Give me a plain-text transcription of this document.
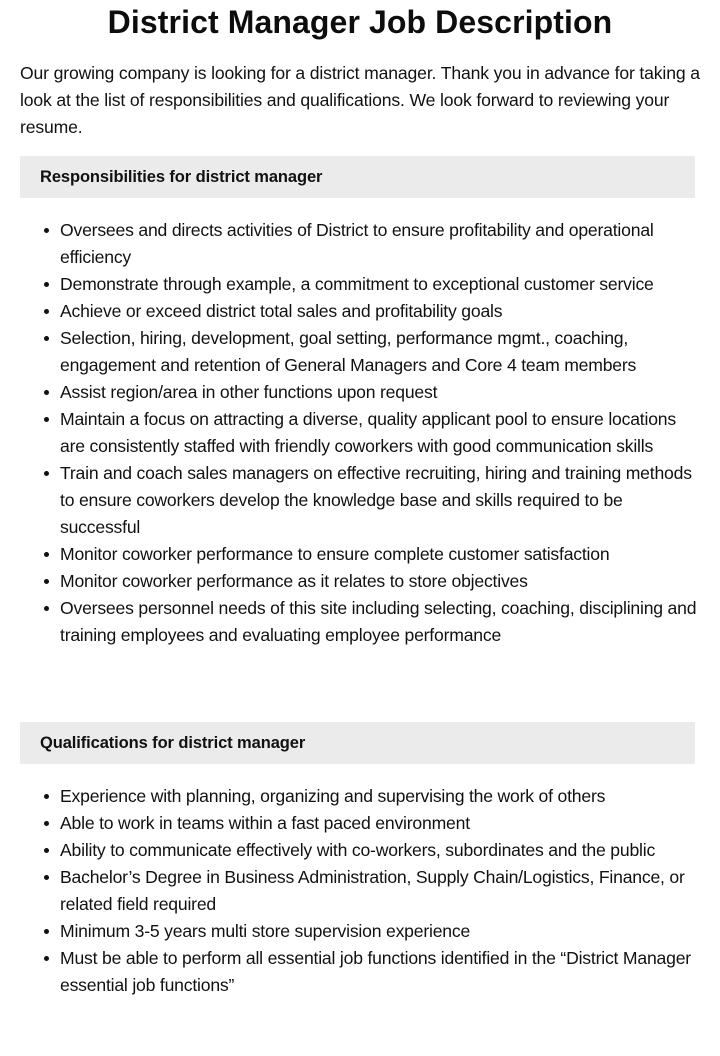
District Manager Job Description

Our growing company is looking for a district manager. Thank you in advance for taking a look at the list of responsibilities and qualifications. We look forward to reviewing your resume.

Responsibilities for district manager
Oversees and directs activities of District to ensure profitability and operational efficiency
Demonstrate through example, a commitment to exceptional customer service
Achieve or exceed district total sales and profitability goals
Selection, hiring, development, goal setting, performance mgmt., coaching, engagement and retention of General Managers and Core 4 team members
Assist region/area in other functions upon request
Maintain a focus on attracting a diverse, quality applicant pool to ensure locations are consistently staffed with friendly coworkers with good communication skills
Train and coach sales managers on effective recruiting, hiring and training methods to ensure coworkers develop the knowledge base and skills required to be successful
Monitor coworker performance to ensure complete customer satisfaction
Monitor coworker performance as it relates to store objectives
Oversees personnel needs of this site including selecting, coaching, disciplining and training employees and evaluating employee performance
Qualifications for district manager
Experience with planning, organizing and supervising the work of others
Able to work in teams within a fast paced environment
Ability to communicate effectively with co-workers, subordinates and the public
Bachelor’s Degree in Business Administration, Supply Chain/Logistics, Finance, or related field required
Minimum 3-5 years multi store supervision experience
Must be able to perform all essential job functions identified in the “District Manager essential job functions”
